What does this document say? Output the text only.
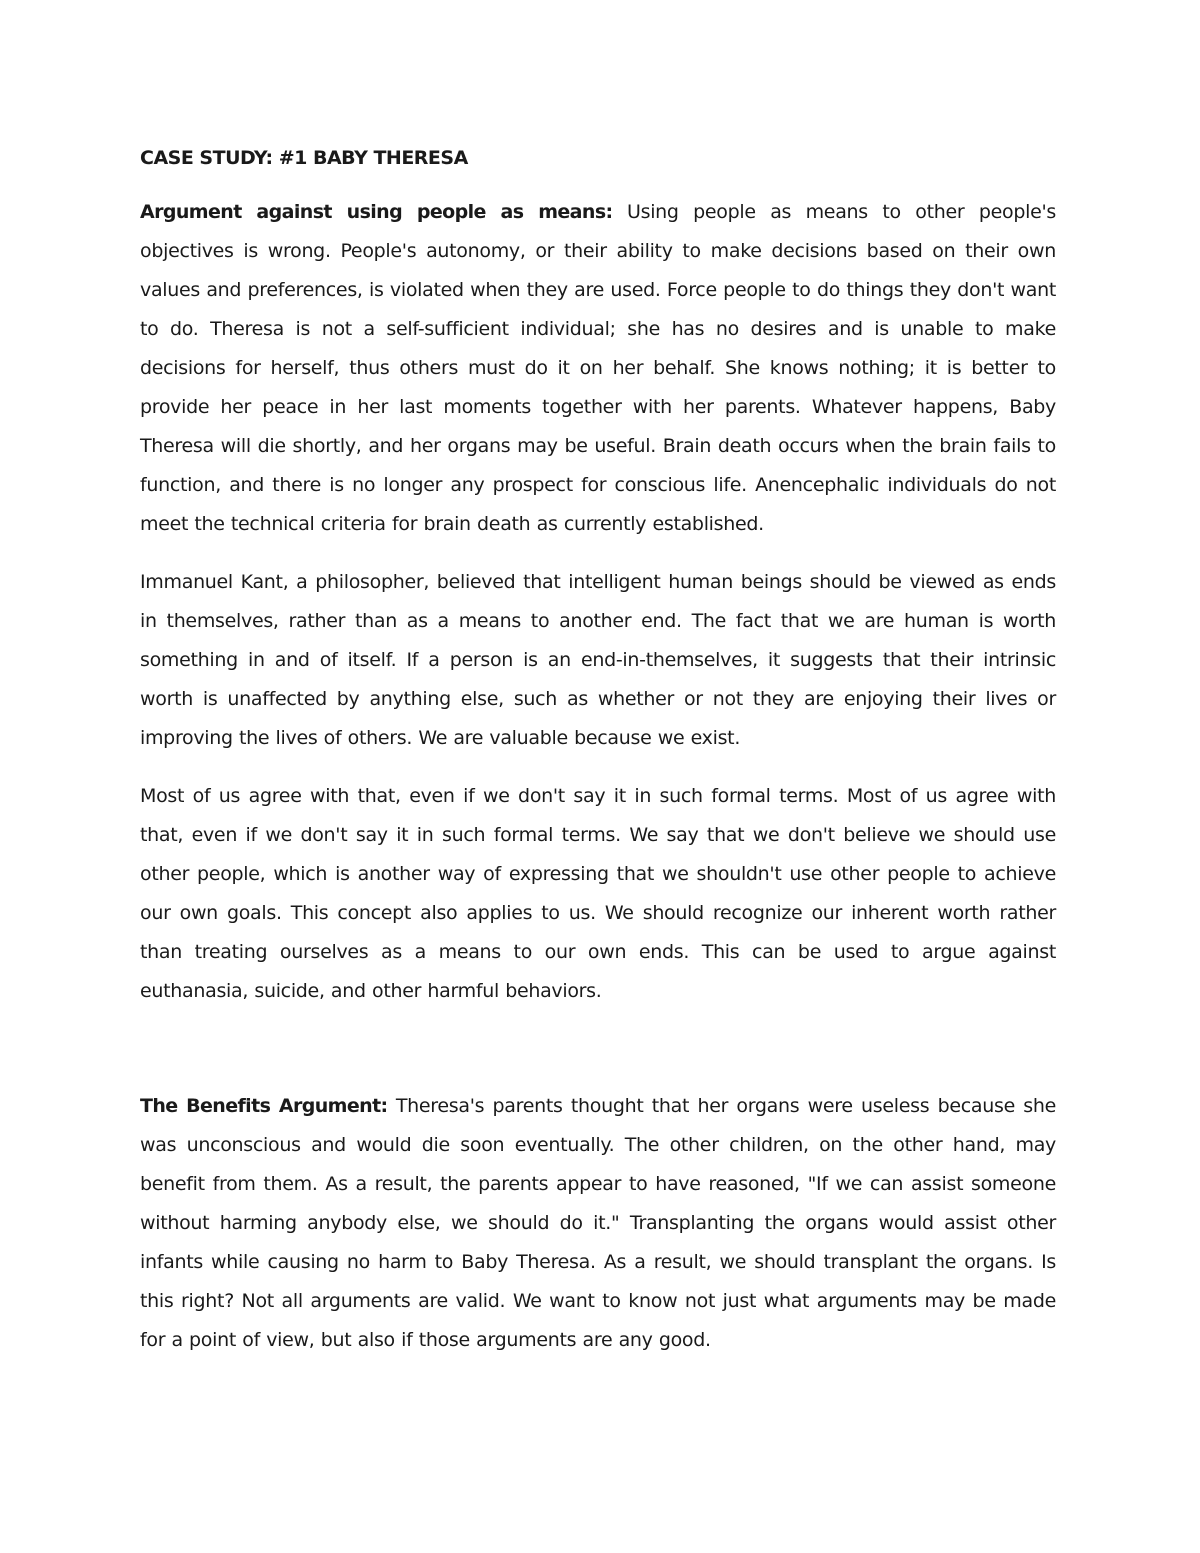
CASE STUDY: #1 BABY THERESA

Argument against using people as means: Using people as means to other people's objectives is wrong. People's autonomy, or their ability to make decisions based on their own values and preferences, is violated when they are used. Force people to do things they don't want to do. Theresa is not a self-sufficient individual; she has no desires and is unable to make decisions for herself, thus others must do it on her behalf. She knows nothing; it is better to provide her peace in her last moments together with her parents. Whatever happens, Baby Theresa will die shortly, and her organs may be useful. Brain death occurs when the brain fails to function, and there is no longer any prospect for conscious life. Anencephalic individuals do not meet the technical criteria for brain death as currently established.

Immanuel Kant, a philosopher, believed that intelligent human beings should be viewed as ends in themselves, rather than as a means to another end. The fact that we are human is worth something in and of itself. If a person is an end-in-themselves, it suggests that their intrinsic worth is unaffected by anything else, such as whether or not they are enjoying their lives or improving the lives of others. We are valuable because we exist.

Most of us agree with that, even if we don't say it in such formal terms. Most of us agree with that, even if we don't say it in such formal terms. We say that we don't believe we should use other people, which is another way of expressing that we shouldn't use other people to achieve our own goals. This concept also applies to us. We should recognize our inherent worth rather than treating ourselves as a means to our own ends. This can be used to argue against euthanasia, suicide, and other harmful behaviors.

The Benefits Argument: Theresa's parents thought that her organs were useless because she was unconscious and would die soon eventually. The other children, on the other hand, may benefit from them. As a result, the parents appear to have reasoned, "If we can assist someone without harming anybody else, we should do it." Transplanting the organs would assist other infants while causing no harm to Baby Theresa. As a result, we should transplant the organs. Is this right? Not all arguments are valid. We want to know not just what arguments may be made for a point of view, but also if those arguments are any good.
